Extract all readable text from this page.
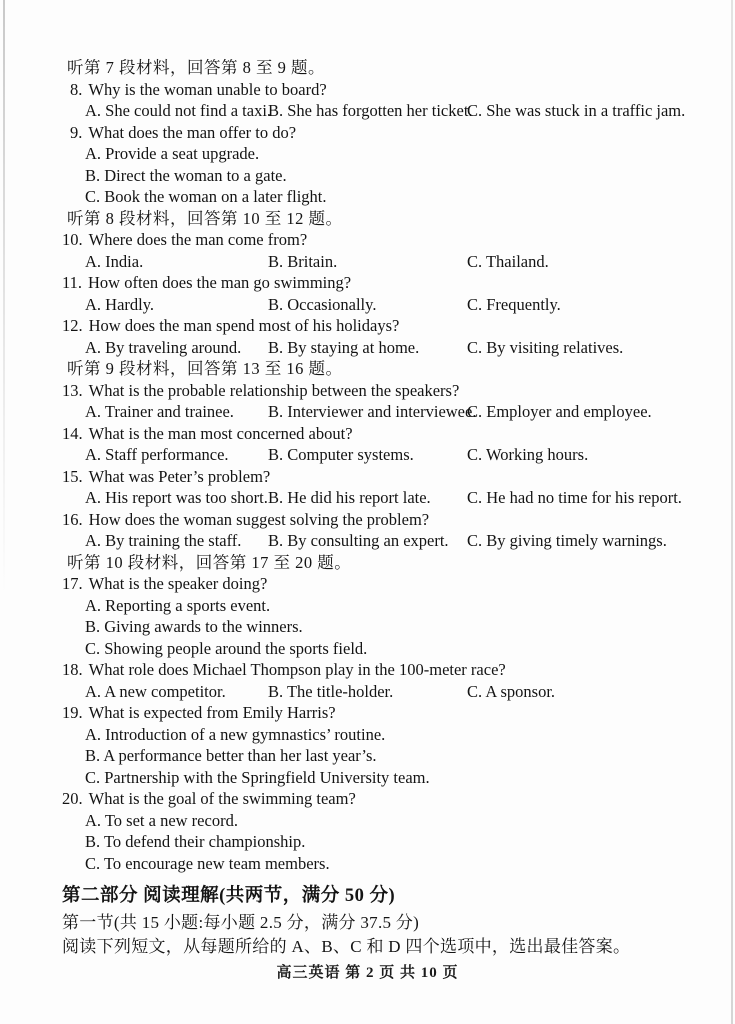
听第 7 段材料，回答第 8 至 9 题。
8. Why is the woman unable to board?
A. She could not find a taxi.
B. She has forgotten her ticket.
C. She was stuck in a traffic jam.
9. What does the man offer to do?
A. Provide a seat upgrade.
B. Direct the woman to a gate.
C. Book the woman on a later flight.
听第 8 段材料，回答第 10 至 12 题。
10. Where does the man come from?
A. India.	B. Britain.	C. Thailand.
11. How often does the man go swimming?
A. Hardly.	B. Occasionally.	C. Frequently.
12. How does the man spend most of his holidays?
A. By traveling around.	B. By staying at home.	C. By visiting relatives.
听第 9 段材料，回答第 13 至 16 题。
13. What is the probable relationship between the speakers?
A. Trainer and trainee.	B. Interviewer and interviewee.
C. Employer and employee.
14. What is the man most concerned about?
A. Staff performance.	B. Computer systems.	C. Working hours.
15. What was Peter’s problem?
A. His report was too short. B. He did his report late.	C. He had no time for his report.
16. How does the woman suggest solving the problem?
A. By training the staff.	B. By consulting an expert.	C. By giving timely warnings.
听第 10 段材料，回答第 17 至 20 题。
17. What is the speaker doing?
A. Reporting a sports event.
B. Giving awards to the winners.
C. Showing people around the sports field.
18. What role does Michael Thompson play in the 100-meter race?
A. A new competitor.	B. The title-holder.	C. A sponsor.
19. What is expected from Emily Harris?
A. Introduction of a new gymnastics’ routine.
B. A performance better than her last year’s.
C. Partnership with the Springfield University team.
20. What is the goal of the swimming team?
A. To set a new record.
B. To defend their championship.
C. To encourage new team members.
第二部分 阅读理解(共两节，满分 50 分)
第一节(共 15 小题:每小题 2.5 分，满分 37.5 分)
阅读下列短文，从每题所给的 A、B、C 和 D 四个选项中，选出最佳答案。
高三英语 第 2 页 共 10 页
